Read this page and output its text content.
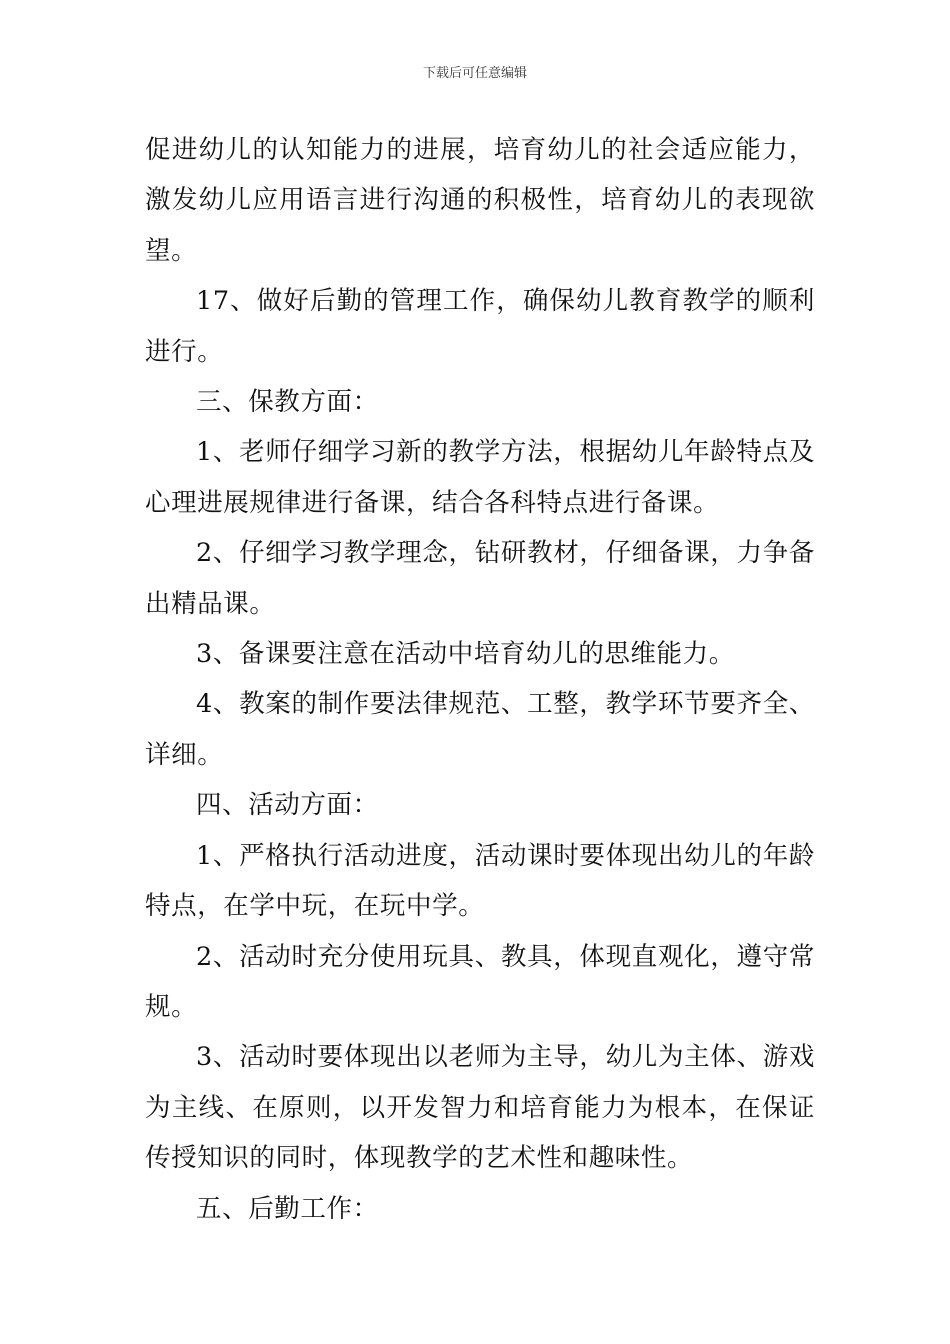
下载后可任意编辑

促进幼儿的认知能力的进展，培育幼儿的社会适应能力，激发幼儿应用语言进行沟通的积极性，培育幼儿的表现欲望。

17、做好后勤的管理工作，确保幼儿教育教学的顺利进行。

三、保教方面：

1、老师仔细学习新的教学方法，根据幼儿年龄特点及心理进展规律进行备课，结合各科特点进行备课。

2、仔细学习教学理念，钻研教材，仔细备课，力争备出精品课。

3、备课要注意在活动中培育幼儿的思维能力。

4、教案的制作要法律规范、工整，教学环节要齐全、详细。

四、活动方面：

1、严格执行活动进度，活动课时要体现出幼儿的年龄特点，在学中玩，在玩中学。

2、活动时充分使用玩具、教具，体现直观化，遵守常规。

3、活动时要体现出以老师为主导，幼儿为主体、游戏为主线、在原则，以开发智力和培育能力为根本，在保证传授知识的同时，体现教学的艺术性和趣味性。

五、后勤工作：
